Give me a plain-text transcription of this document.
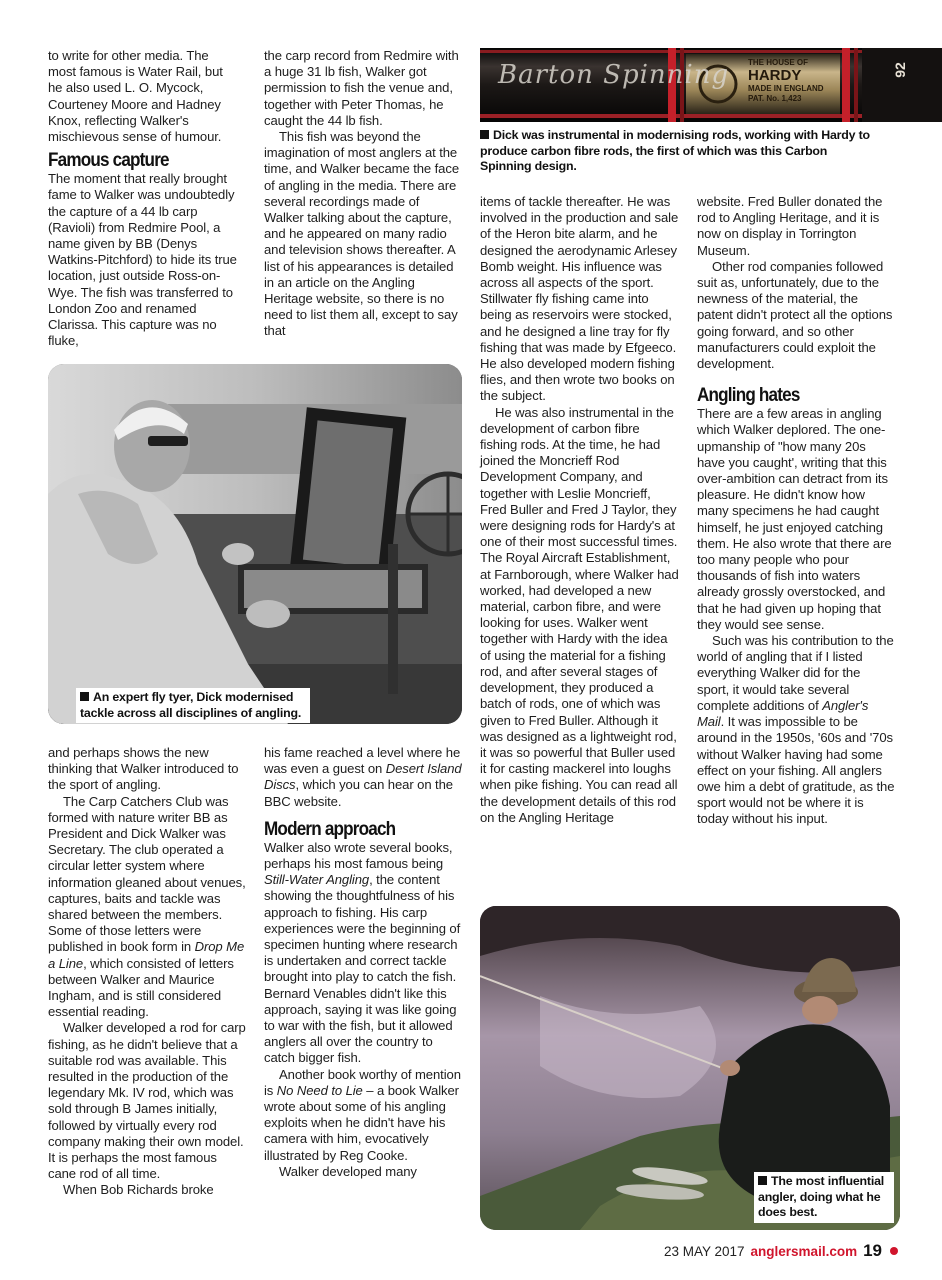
to write for other media. The most famous is Water Rail, but he also used L. O. Mycock, Courteney Moore and Hadney Knox, reflecting Walker's mischievous sense of humour.

Famous capture

The moment that really brought fame to Walker was undoubtedly the capture of a 44 lb carp (Ravioli) from Redmire Pool, a name given by BB (Denys Watkins-Pitchford) to hide its true location, just outside Ross-on-Wye. The fish was transferred to London Zoo and renamed Clarissa. This capture was no fluke,

the carp record from Redmire with a huge 31 lb fish, Walker got permission to fish the venue and, together with Peter Thomas, he caught the 44 lb fish.

This fish was beyond the imagination of most anglers at the time, and Walker became the face of angling in the media. There are several recordings made of Walker talking about the capture, and he appeared on many radio and television shows thereafter. A list of his appearances is detailed in an article on the Angling Heritage website, so there is no need to list them all, except to say that

Barton Spinning THE HOUSE OF
HARDY
MADE IN ENGLAND
PAT. No. 1,423
92
Dick was instrumental in modernising rods, working with Hardy to produce carbon fibre rods, the first of which was this Carbon Spinning design.

items of tackle thereafter. He was involved in the production and sale of the Heron bite alarm, and he designed the aerodynamic Arlesey Bomb weight. His influence was across all aspects of the sport. Stillwater fly fishing came into being as reservoirs were stocked, and he designed a line tray for fly fishing that was made by Efgeeco. He also developed modern fishing flies, and then wrote two books on the subject.

He was also instrumental in the development of carbon fibre fishing rods. At the time, he had joined the Moncrieff Rod Development Company, and together with Leslie Moncrieff, Fred Buller and Fred J Taylor, they were designing rods for Hardy's at one of their most successful times. The Royal Aircraft Establishment, at Farnborough, where Walker had worked, had developed a new material, carbon fibre, and were looking for uses. Walker went together with Hardy with the idea of using the material for a fishing rod, and after several stages of development, they produced a batch of rods, one of which was given to Fred Buller. Although it was designed as a lightweight rod, it was so powerful that Buller used it for casting mackerel into loughs when pike fishing. You can read all the development details of this rod on the Angling Heritage

website. Fred Buller donated the rod to Angling Heritage, and it is now on display in Torrington Museum.

Other rod companies followed suit as, unfortunately, due to the newness of the material, the patent didn't protect all the options going forward, and so other manufacturers could exploit the development.

Angling hates

There are a few areas in angling which Walker deplored. The one-upmanship of "how many 20s have you caught', writing that this over-ambition can detract from its pleasure. He didn't know how many specimens he had caught himself, he just enjoyed catching them. He also wrote that there are too many people who pour thousands of fish into waters already grossly overstocked, and that he had given up hoping that they would see sense.

Such was his contribution to the world of angling that if I listed everything Walker did for the sport, it would take several complete additions of Angler's Mail. It was impossible to be around in the 1950s, '60s and '70s without Walker having had some effect on your fishing. All anglers owe him a debt of gratitude, as the sport would not be where it is today without his input.

An expert fly tyer, Dick modernised tackle across all disciplines of angling.

and perhaps shows the new thinking that Walker introduced to the sport of angling.

The Carp Catchers Club was formed with nature writer BB as President and Dick Walker was Secretary. The club operated a circular letter system where information gleaned about venues, captures, baits and tackle was shared between the members. Some of those letters were published in book form in Drop Me a Line, which consisted of letters between Walker and Maurice Ingham, and is still considered essential reading.

Walker developed a rod for carp fishing, as he didn't believe that a suitable rod was available. This resulted in the production of the legendary Mk. IV rod, which was sold through B James initially, followed by virtually every rod company making their own model. It is perhaps the most famous cane rod of all time.

When Bob Richards broke

his fame reached a level where he was even a guest on Desert Island Discs, which you can hear on the BBC website.

Modern approach

Walker also wrote several books, perhaps his most famous being Still-Water Angling, the content showing the thoughtfulness of his approach to fishing. His carp experiences were the beginning of specimen hunting where research is undertaken and correct tackle brought into play to catch the fish. Bernard Venables didn't like this approach, saying it was like going to war with the fish, but it allowed anglers all over the country to catch bigger fish.

Another book worthy of mention is No Need to Lie – a book Walker wrote about some of his angling exploits when he didn't have his camera with him, evocatively illustrated by Reg Cooke.

Walker developed many

The most influential angler, doing what he does best.
23 MAY 2017 anglersmail.com 19
